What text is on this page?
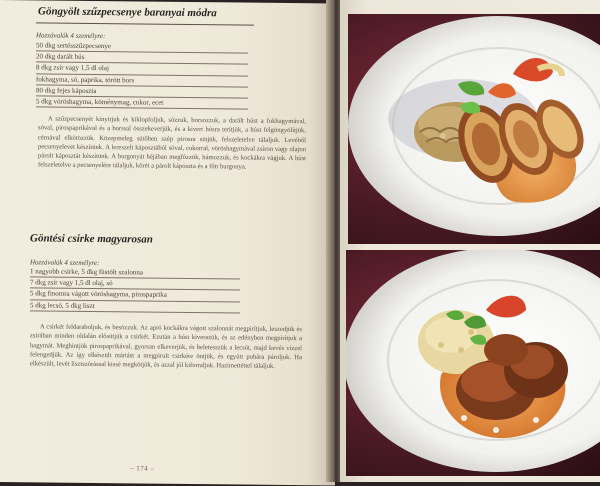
Göngyölt szűzpecsenye baranyai módra
Hozzávalók 4 személyre:
50 dkg sertésszűzpecsenye
20 dkg darált hús
8 dkg zsír vagy 1,5 dl olaj
fokhagyma, só, paprika, törött bors
80 dkg fejes káposzta
5 dkg vöröshagyma, köménymag, cukor, ecet

A szűzpecsenyét kinyitjuk és kiklopfoljuk, sózzuk, borsozzuk, a darált húst a fokhagymával, sóval, pirospaprikával és a borssal összekeverjük, és a kivert húsra terítjük, a húst felgöngyölítjük, cérnával elkötözzük. Közepmeleg sütőben szép pirosra sütjük, felszeletelve tálaljuk. Levéből pecsenyelevet készítünk. A lereszelt káposztából sóval, cukorral, vöröshagymával zsíron vagy olajon párolt káposztát készítünk. A burgonyát héjában megfőzzük, hámozzuk, és kockákra vágjuk. A húst felszeletelve a pecsenyelére tálaljuk, körét a párolt káposzta és a főtt burgonya.

Göntési csirke magyarosan
Hozzávalók 4 személyre:
1 nagyobb csirke, 5 dkg füstölt szalonna
7 dkg zsír vagy 1,5 dl olaj, só
5 dkg finomra vágott vöröshagyma, pirospaprika
5 dkg lecsó, 5 dkg liszt

A csirkét feldaraboljuk, és besózzuk. Az apró kockákra vágott szalonnát megpirítjuk, leszedjük és zsírában minden oldalán elősütjük a csirkét. Ezután a húst kivesszük, és az edényben megpirítjuk a hagymát. Meghintjük pirospaprikával, gyorsan elkeverjük, és beletesszük a lecsót, majd kevés vízzel felengedjük. Az így elkészült mártást a megpirult csirkére öntjük, és együtt puhára pároljuk. Ha elkészült, levét lisztszórással kissé megkötjük, és azzal jól kiforraljuk. Hazimettéttel tálaljuk.

– 174 –
